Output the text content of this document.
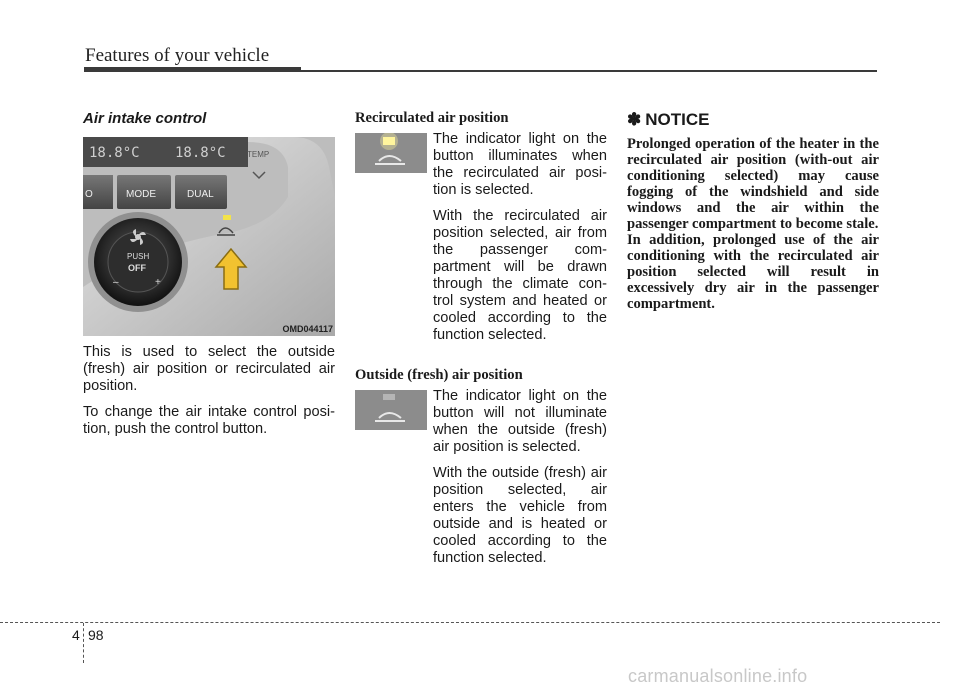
Features of your vehicle
Air intake control
18.8°C	18.8°C
O	MODE	DUAL
TEMP
PUSH
OFF
–	+
OMD044117

This is used to select the outside (fresh) air position or recirculated air position.

To change the air intake control posi-tion, push the control button.

Recirculated air position

The indicator light on the button illuminates when the recirculated air posi-tion is selected.

With the recirculated air position selected, air from the passenger com-partment will be drawn through the climate con-trol system and heated or cooled according to the function selected.

Outside (fresh) air position

The indicator light on the button will not illuminate when the outside (fresh) air position is selected.

With the outside (fresh) air position selected, air enters the vehicle from outside and is heated or cooled according to the function selected.

✽ NOTICE

Prolonged operation of the heater in the recirculated air position (with-out air conditioning selected) may cause fogging of the windshield and side windows and the air within the passenger compartment to become stale.

In addition, prolonged use of the air conditioning with the recirculated air position selected will result in excessively dry air in the passenger compartment.

4 98
carmanualsonline.info
